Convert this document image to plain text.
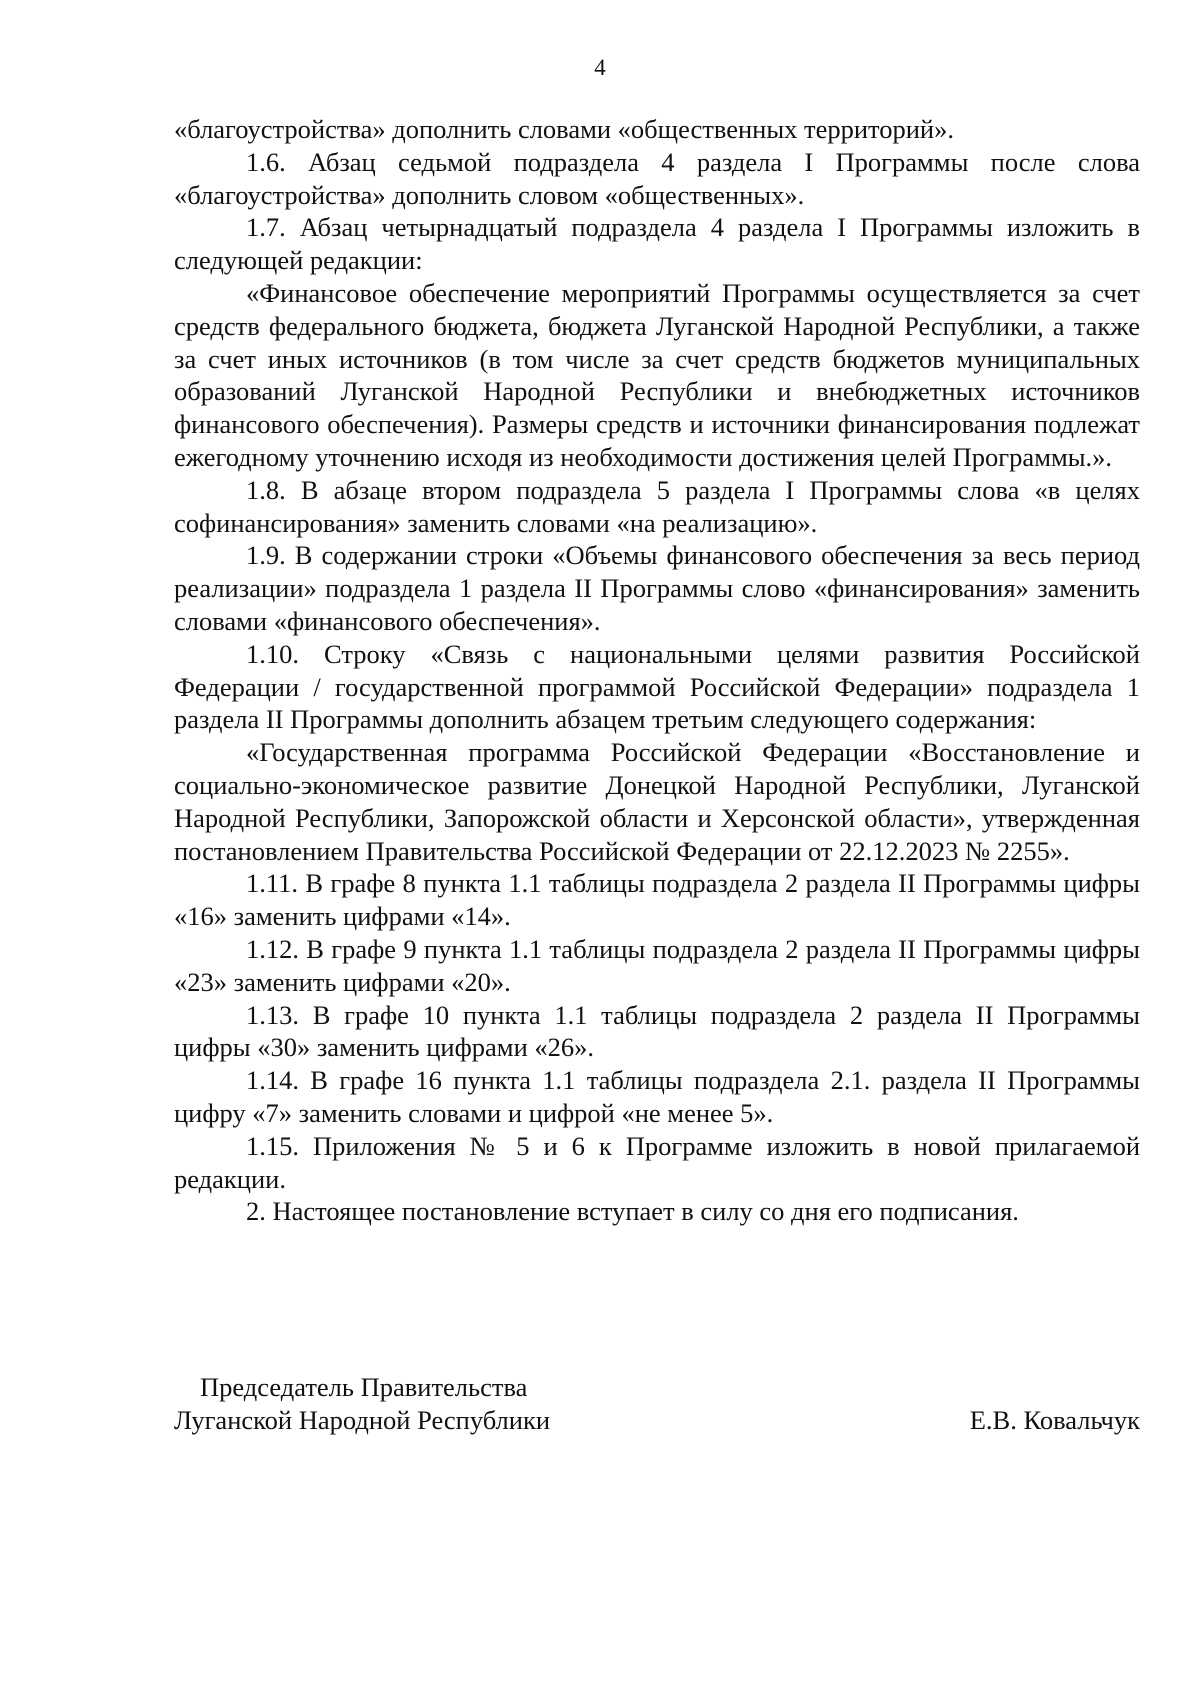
4

«благоустройства» дополнить словами «общественных территорий».

1.6. Абзац седьмой подраздела 4 раздела I Программы после слова «благоустройства» дополнить словом «общественных».

1.7. Абзац четырнадцатый подраздела 4 раздела I Программы изложить в следующей редакции:

«Финансовое обеспечение мероприятий Программы осуществляется за счет средств федерального бюджета, бюджета Луганской Народной Республики, а также за счет иных источников (в том числе за счет средств бюджетов муниципальных образований Луганской Народной Республики и внебюджетных источников финансового обеспечения). Размеры средств и источники финансирования подлежат ежегодному уточнению исходя из необходимости достижения целей Программы.».

1.8. В абзаце втором подраздела 5 раздела I Программы слова «в целях софинансирования» заменить словами «на реализацию».

1.9. В содержании строки «Объемы финансового обеспечения за весь период реализации» подраздела 1 раздела II Программы слово «финансирования» заменить словами «финансового обеспечения».

1.10. Строку «Связь с национальными целями развития Российской Федерации / государственной программой Российской Федерации» подраздела 1 раздела II Программы дополнить абзацем третьим следующего содержания:

«Государственная программа Российской Федерации «Восстановление и социально-экономическое развитие Донецкой Народной Республики, Луганской Народной Республики, Запорожской области и Херсонской области», утвержденная постановлением Правительства Российской Федерации от 22.12.2023 № 2255».

1.11. В графе 8 пункта 1.1 таблицы подраздела 2 раздела II Программы цифры «16» заменить цифрами «14».

1.12. В графе 9 пункта 1.1 таблицы подраздела 2 раздела II Программы цифры «23» заменить цифрами «20».

1.13. В графе 10 пункта 1.1 таблицы подраздела 2 раздела II Программы цифры «30» заменить цифрами «26».

1.14. В графе 16 пункта 1.1 таблицы подраздела 2.1. раздела II Программы цифру «7» заменить словами и цифрой «не менее 5».

1.15. Приложения № 5 и 6 к Программе изложить в новой прилагаемой редакции.

2. Настоящее постановление вступает в силу со дня его подписания.

Председатель Правительства
Луганской Народной Республики	Е.В. Ковальчук
